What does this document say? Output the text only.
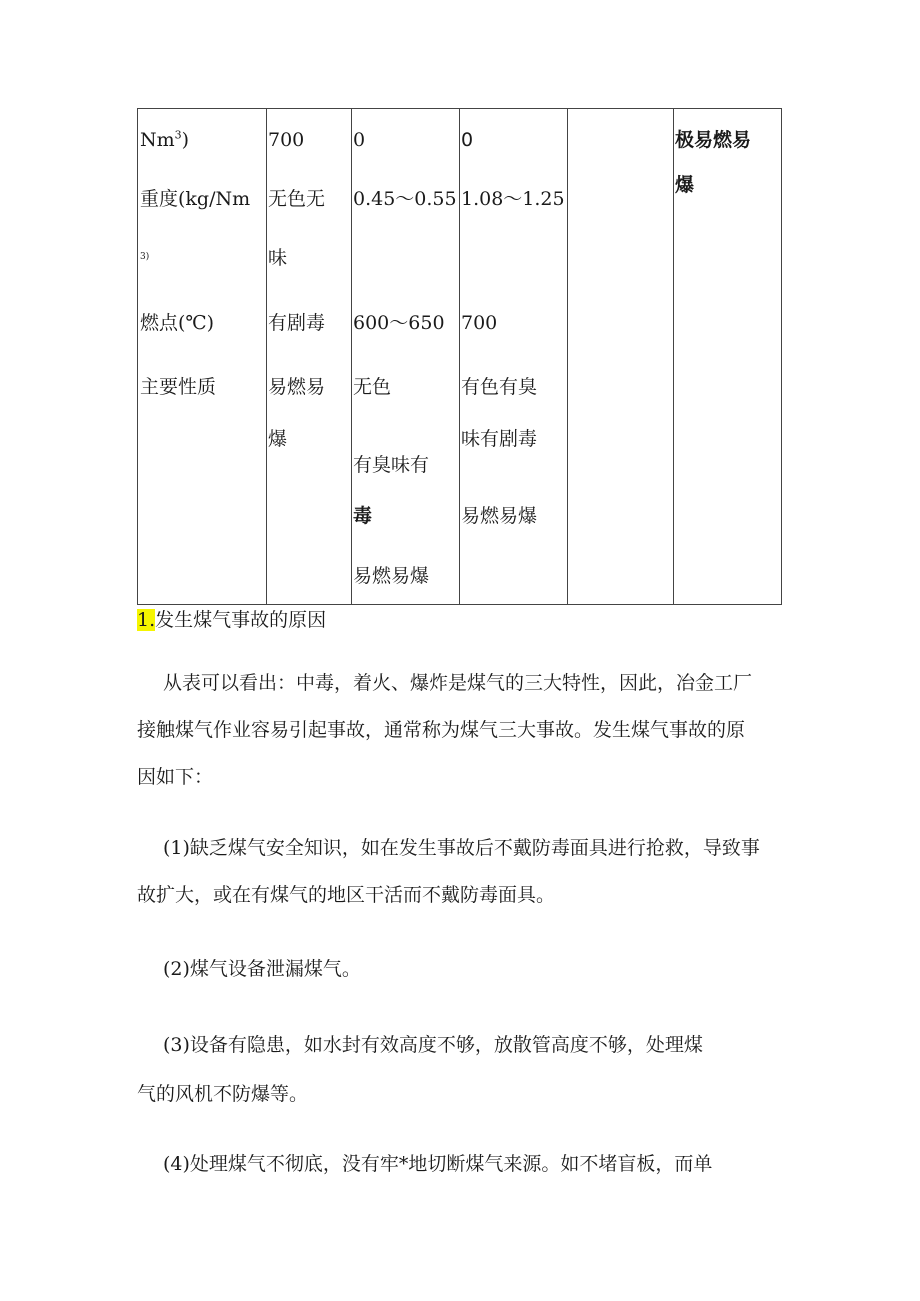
Nm$^3$)
重度(kg/Nm
3)
燃点(℃)
主要性质
700
无色无
味
有剧毒
易燃易
爆
0
0.45～0.55
600～650
无色
有臭味有
毒
易燃易爆
0
1.08～1.25
700
有色有臭
味有剧毒
易燃易爆
极易燃易
爆
1.发生煤气事故的原因
从表可以看出：中毒，着火、爆炸是煤气的三大特性，因此，冶金工厂
接触煤气作业容易引起事故，通常称为煤气三大事故。发生煤气事故的原
因如下：
(1)缺乏煤气安全知识，如在发生事故后不戴防毒面具进行抢救，导致事
故扩大，或在有煤气的地区干活而不戴防毒面具。
(2)煤气设备泄漏煤气。
(3)设备有隐患，如水封有效高度不够，放散管高度不够，处理煤
气的风机不防爆等。
(4)处理煤气不彻底，没有牢*地切断煤气来源。如不堵盲板，而单
